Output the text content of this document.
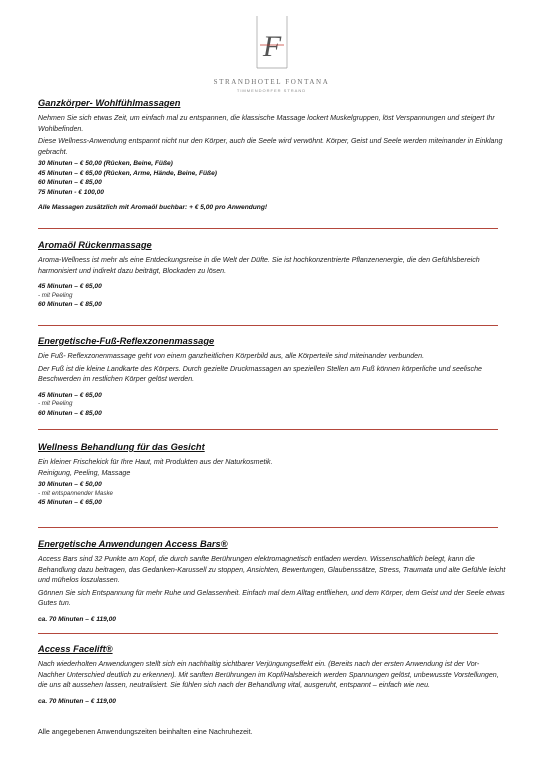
F
STRANDHOTEL FONTANA
TIMMENDORFER STRAND
Ganzkörper- Wohlfühlmassagen

Nehmen Sie sich etwas Zeit, um einfach mal zu entspannen, die klassische Massage lockert Muskelgruppen, löst Verspannungen und steigert Ihr Wohlbefinden.

Diese Wellness-Anwendung entspannt nicht nur den Körper, auch die Seele wird verwöhnt. Körper, Geist und Seele werden miteinander in Einklang gebracht.

30 Minuten – € 50,00 (Rücken, Beine, Füße)
45 Minuten – € 65,00 (Rücken, Arme, Hände, Beine, Füße)
60 Minuten – € 85,00
75 Minuten - € 100,00
Alle Massagen zusätzlich mit Aromaöl buchbar: + € 5,00 pro Anwendung!
Aromaöl Rückenmassage

Aroma-Wellness ist mehr als eine Entdeckungsreise in die Welt der Düfte. Sie ist hochkonzentrierte Pflanzenenergie, die den Gefühlsbereich harmonisiert und indirekt dazu beiträgt, Blockaden zu lösen.

45 Minuten – € 65,00
- mit Peeling
60 Minuten – € 85,00
Energetische-Fuß-Reflexzonenmassage

Die Fuß- Reflexzonenmassage geht von einem ganzheitlichen Körperbild aus, alle Körperteile sind miteinander verbunden.

Der Fuß ist die kleine Landkarte des Körpers. Durch gezielte Druckmassagen an speziellen Stellen am Fuß können körperliche und seelische Beschwerden im restlichen Körper gelöst werden.

45 Minuten – € 65,00
- mit Peeling
60 Minuten – € 85,00
Wellness Behandlung für das Gesicht

Ein kleiner Frischekick für Ihre Haut, mit Produkten aus der Naturkosmetik.

Reinigung, Peeling, Massage

30 Minuten – € 50,00
- mit entspannender Maske
45 Minuten – € 65,00
Energetische Anwendungen Access Bars®

Access Bars sind 32 Punkte am Kopf, die durch sanfte Berührungen elektromagnetisch entladen werden. Wissenschaftlich belegt, kann die Behandlung dazu beitragen, das Gedanken-Karussell zu stoppen, Ansichten, Bewertungen, Glaubenssätze, Stress, Traumata und alte Gefühle leicht und mühelos loszulassen.

Gönnen Sie sich Entspannung für mehr Ruhe und Gelassenheit. Einfach mal dem Alltag entfliehen, und dem Körper, dem Geist und der Seele etwas Gutes tun.

ca. 70 Minuten – € 119,00
Access Facelift®

Nach wiederholten Anwendungen stellt sich ein nachhaltig sichtbarer Verjüngungseffekt ein. (Bereits nach der ersten Anwendung ist der Vor- Nachher Unterschied deutlich zu erkennen). Mit sanften Berührungen im Kopf/Halsbereich werden Spannungen gelöst, unbewusste Vorstellungen, die uns alt aussehen lassen, neutralisiert. Sie fühlen sich nach der Behandlung vital, ausgeruht, entspannt – einfach wie neu.

ca. 70 Minuten – € 119,00

Alle angegebenen Anwendungszeiten beinhalten eine Nachruhezeit.
